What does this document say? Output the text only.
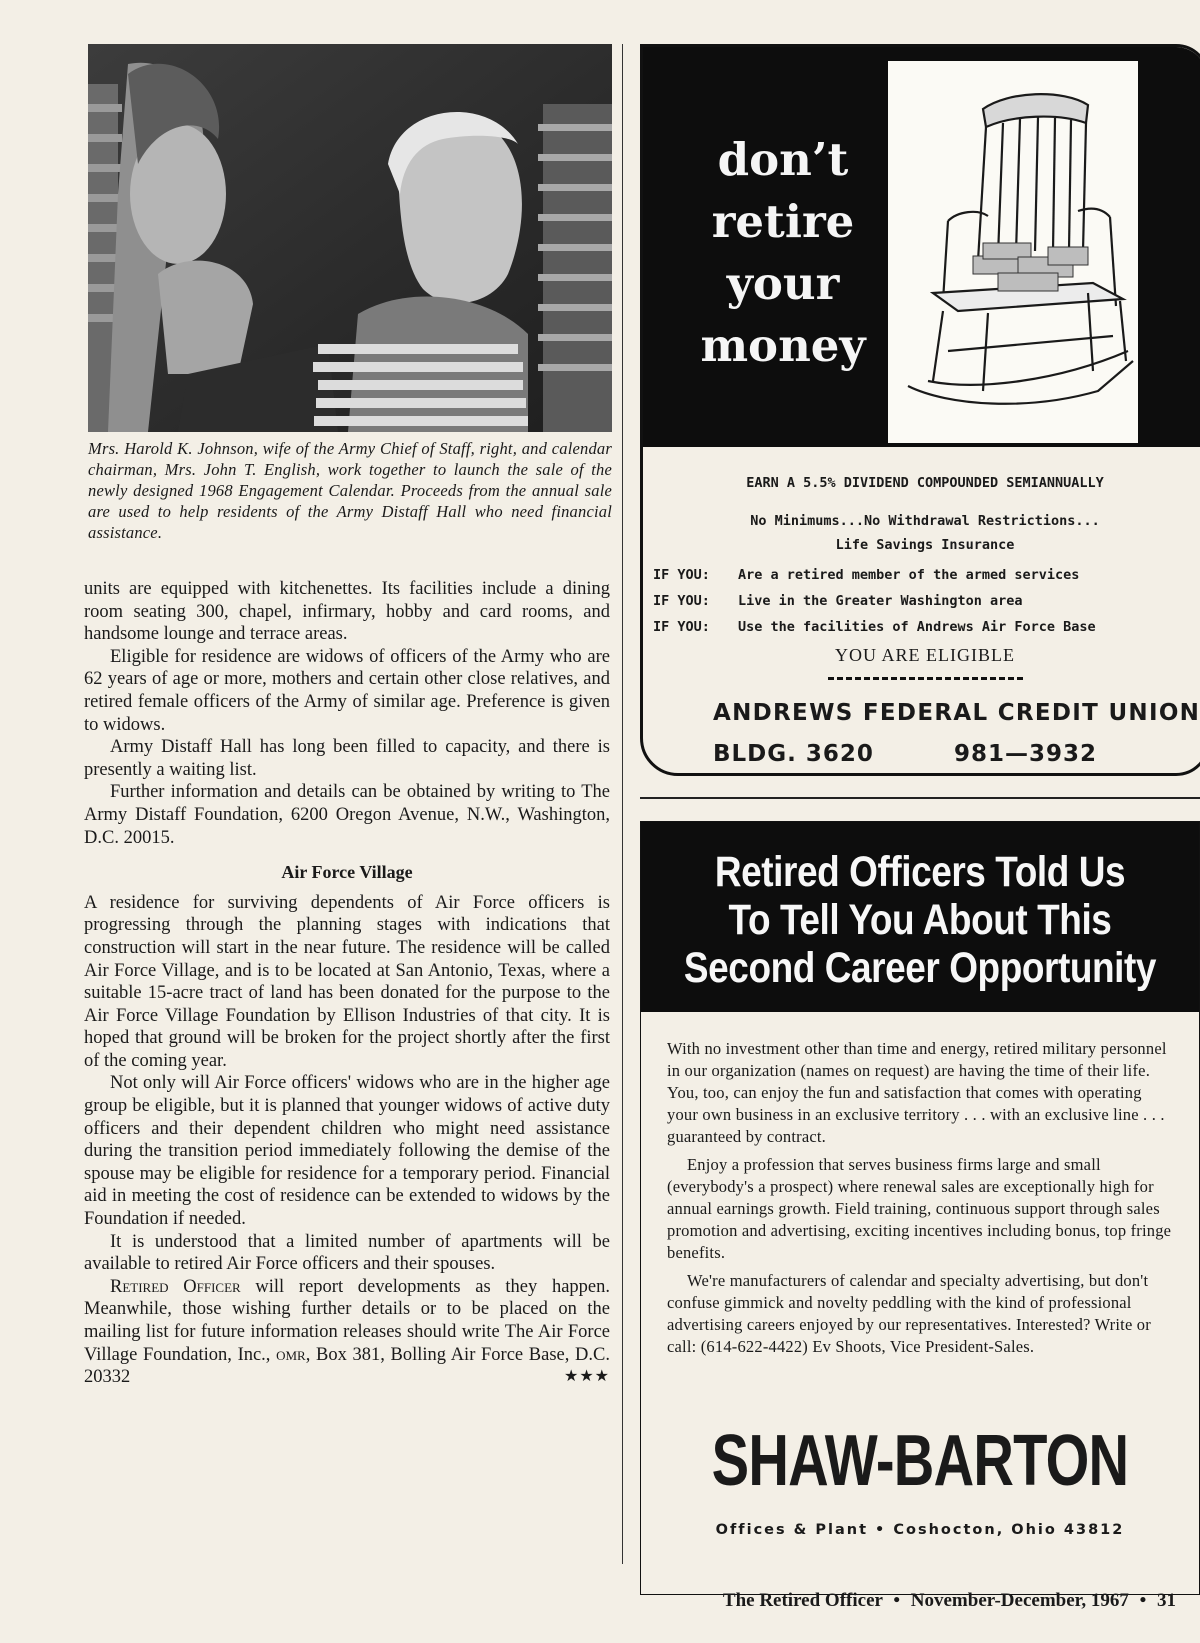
Mrs. Harold K. Johnson, wife of the Army Chief of Staff, right, and calendar chairman, Mrs. John T. English, work together to launch the sale of the newly designed 1968 Engagement Calendar. Proceeds from the annual sale are used to help residents of the Army Distaff Hall who need financial assistance.

units are equipped with kitchenettes. Its facilities include a dining room seating 300, chapel, infirmary, hobby and card rooms, and handsome lounge and terrace areas.

Eligible for residence are widows of officers of the Army who are 62 years of age or more, mothers and certain other close relatives, and retired female officers of the Army of similar age. Preference is given to widows.

Army Distaff Hall has long been filled to capacity, and there is presently a waiting list.

Further information and details can be obtained by writing to The Army Distaff Foundation, 6200 Oregon Avenue, N.W., Washington, D.C. 20015.

Air Force Village

A residence for surviving dependents of Air Force officers is progressing through the planning stages with indications that construction will start in the near future. The residence will be called Air Force Village, and is to be located at San Antonio, Texas, where a suitable 15-acre tract of land has been donated for the purpose to the Air Force Village Foundation by Ellison Industries of that city. It is hoped that ground will be broken for the project shortly after the first of the coming year.

Not only will Air Force officers' widows who are in the higher age group be eligible, but it is planned that younger widows of active duty officers and their dependent children who might need assistance during the transition period immediately following the demise of the spouse may be eligible for residence for a temporary period. Financial aid in meeting the cost of residence can be extended to widows by the Foundation if needed.

It is understood that a limited number of apartments will be available to retired Air Force officers and their spouses.

Retired Officer will report developments as they happen. Meanwhile, those wishing further details or to be placed on the mailing list for future information releases should write The Air Force Village Foundation, Inc., omr, Box 381, Bolling Air Force Base, D.C. 20332	★★★

don’t
retire
your
money
EARN A 5.5% DIVIDEND COMPOUNDED SEMIANNUALLY
No Minimums...No Withdrawal Restrictions...
Life Savings Insurance
IF YOU: Are a retired member of the armed services
IF YOU: Live in the Greater Washington area
IF YOU: Use the facilities of Andrews Air Force Base
YOU ARE ELIGIBLE
ANDREWS FEDERAL CREDIT UNION
BLDG. 3620	981—3932
Retired Officers Told Us
To Tell You About This
Second Career Opportunity

With no investment other than time and energy, retired military personnel in our organization (names on request) are having the time of their life. You, too, can enjoy the fun and satisfaction that comes with operating your own business in an exclusive territory . . . with an exclusive line . . . guaranteed by contract.

Enjoy a profession that serves business firms large and small (everybody's a prospect) where renewal sales are exceptionally high for annual earnings growth. Field training, continuous support through sales promotion and advertising, exciting incentives including bonus, top fringe benefits.

We're manufacturers of calendar and specialty advertising, but don't confuse gimmick and novelty peddling with the kind of professional advertising careers enjoyed by our representatives. Interested? Write or call: (614-622-4422) Ev Shoots, Vice President-Sales.

SHAW-BARTON
Offices & Plant • Coshocton, Ohio 43812
The Retired Officer • November-December, 1967 • 31
